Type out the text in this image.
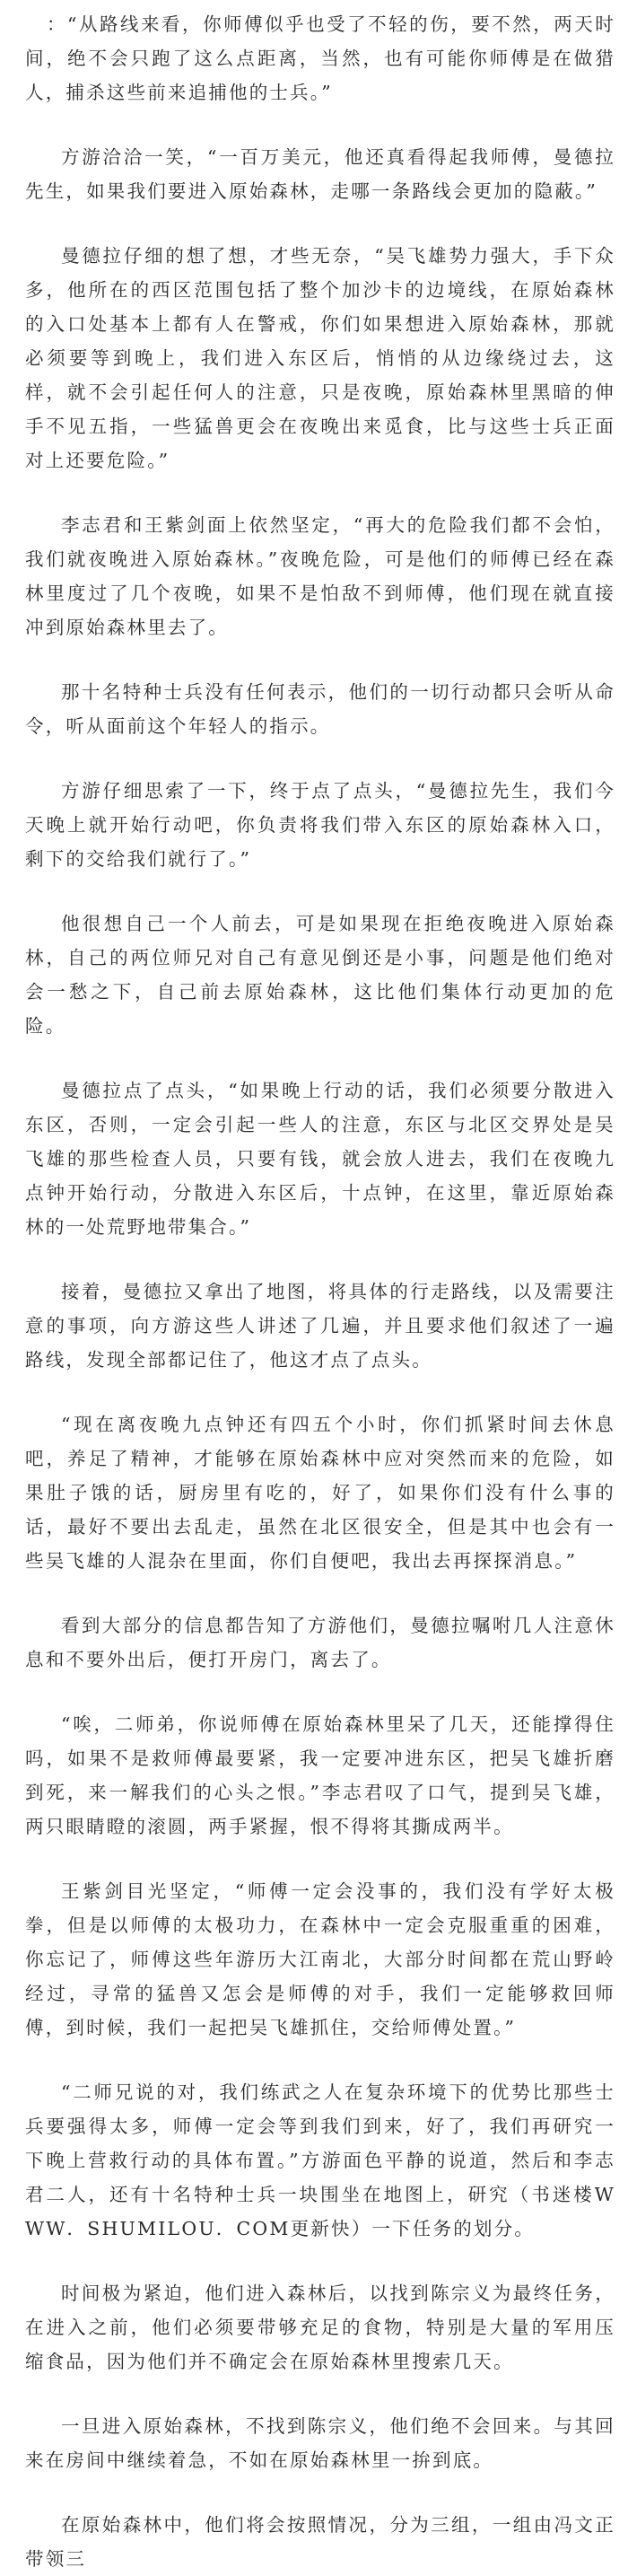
：“从路线来看，你师傅似乎也受了不轻的伤，要不然，两天时间，绝不会只跑了这么点距离，当然，也有可能你师傅是在做猎人，捕杀这些前来追捕他的士兵。”

方游洽洽一笑，“一百万美元，他还真看得起我师傅，曼德拉先生，如果我们要进入原始森林，走哪一条路线会更加的隐蔽。”

曼德拉仔细的想了想，才些无奈，“吴飞雄势力强大，手下众多，他所在的西区范围包括了整个加沙卡的边境线，在原始森林的入口处基本上都有人在警戒，你们如果想进入原始森林，那就必须要等到晚上，我们进入东区后，悄悄的从边缘绕过去，这样，就不会引起任何人的注意，只是夜晚，原始森林里黑暗的伸手不见五指，一些猛兽更会在夜晚出来觅食，比与这些士兵正面对上还要危险。”

李志君和王紫剑面上依然坚定，“再大的危险我们都不会怕，我们就夜晚进入原始森林。”夜晚危险，可是他们的师傅已经在森林里度过了几个夜晚，如果不是怕敌不到师傅，他们现在就直接冲到原始森林里去了。

那十名特种士兵没有任何表示，他们的一切行动都只会听从命令，听从面前这个年轻人的指示。

方游仔细思索了一下，终于点了点头，“曼德拉先生，我们今天晚上就开始行动吧，你负责将我们带入东区的原始森林入口，剩下的交给我们就行了。”

他很想自己一个人前去，可是如果现在拒绝夜晚进入原始森林，自己的两位师兄对自己有意见倒还是小事，问题是他们绝对会一愁之下，自己前去原始森林，这比他们集体行动更加的危险。

曼德拉点了点头，“如果晚上行动的话，我们必须要分散进入东区，否则，一定会引起一些人的注意，东区与北区交界处是吴飞雄的那些检查人员，只要有钱，就会放人进去，我们在夜晚九点钟开始行动，分散进入东区后，十点钟，在这里，靠近原始森林的一处荒野地带集合。”

接着，曼德拉又拿出了地图，将具体的行走路线，以及需要注意的事项，向方游这些人讲述了几遍，并且要求他们叙述了一遍路线，发现全部都记住了，他这才点了点头。

“现在离夜晚九点钟还有四五个小时，你们抓紧时间去休息吧，养足了精神，才能够在原始森林中应对突然而来的危险，如果肚子饿的话，厨房里有吃的，好了，如果你们没有什么事的话，最好不要出去乱走，虽然在北区很安全，但是其中也会有一些吴飞雄的人混杂在里面，你们自便吧，我出去再探探消息。”

看到大部分的信息都告知了方游他们，曼德拉嘱咐几人注意休息和不要外出后，便打开房门，离去了。

“唉，二师弟，你说师傅在原始森林里呆了几天，还能撑得住吗，如果不是救师傅最要紧，我一定要冲进东区，把吴飞雄折磨到死，来一解我们的心头之恨。”李志君叹了口气，提到吴飞雄，两只眼睛瞪的滚圆，两手紧握，恨不得将其撕成两半。

王紫剑目光坚定，“师傅一定会没事的，我们没有学好太极拳，但是以师傅的太极功力，在森林中一定会克服重重的困难，你忘记了，师傅这些年游历大江南北，大部分时间都在荒山野岭经过，寻常的猛兽又怎会是师傅的对手，我们一定能够救回师傅，到时候，我们一起把吴飞雄抓住，交给师傅处置。”

“二师兄说的对，我们练武之人在复杂环境下的优势比那些士兵要强得太多，师傅一定会等到我们到来，好了，我们再研究一下晚上营救行动的具体布置。”方游面色平静的说道，然后和李志君二人，还有十名特种士兵一块围坐在地图上，研究（书迷楼WWW．SHUMILOU．COM更新快）一下任务的划分。

时间极为紧迫，他们进入森林后，以找到陈宗义为最终任务，在进入之前，他们必须要带够充足的食物，特别是大量的军用压缩食品，因为他们并不确定会在原始森林里搜索几天。

一旦进入原始森林，不找到陈宗义，他们绝不会回来。与其回来在房间中继续着急，不如在原始森林里一拚到底。

在原始森林中，他们将会按照情况，分为三组，一组由冯文正带领三
